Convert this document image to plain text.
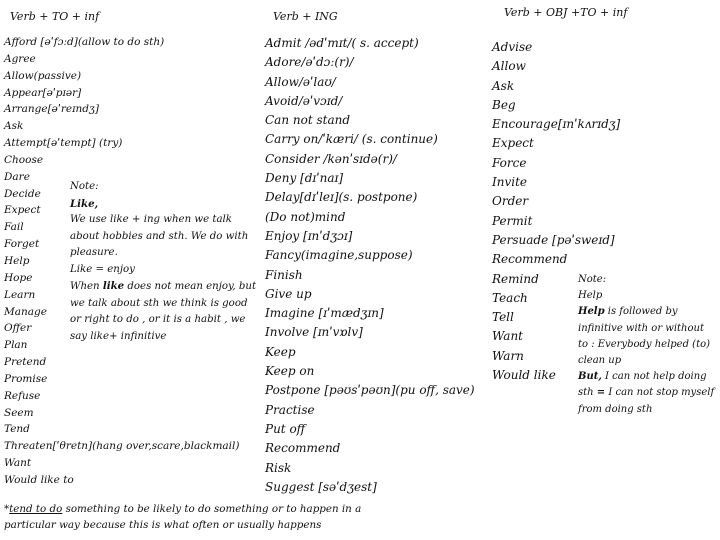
Verb + TO + inf	Verb + ING	Verb + OBJ +TO + inf
Afford [əˈfɔːd](allow to do sth)
Agree
Allow(passive)
Appear[əˈpɪər]
Arrange[əˈreɪndʒ]
Ask
Attempt[əˈtempt] (try)
Choose
Dare
Decide
Expect
Fail
Forget
Help
Hope
Learn
Manage
Offer
Plan
Pretend
Promise
Refuse
Seem
Tend
Threaten[ˈθretn](hang over,scare,blackmail)
Want
Would like to
Admit /ədˈmɪt/( s. accept)
Adore/əˈdɔː(r)/
Allow/əˈlaʊ/
Avoid/əˈvɔɪd/
Can not stand
Carry on/ˈkæri/ (s. continue)
Consider /kənˈsɪdə(r)/
Deny [dɪˈnaɪ]
Delay[dɪˈleɪ](s. postpone)
(Do not)mind
Enjoy [ɪnˈdʒɔɪ]
Fancy(imagine,suppose)
Finish
Give up
Imagine [ɪˈmædʒɪn]
Involve [ɪnˈvɒlv]
Keep
Keep on
Postpone [pəʊsˈpəʊn](pu off, save)
Practise
Put off
Recommend
Risk
Suggest [səˈdʒest]
Advise
Allow
Ask
Beg
Encourage[ɪnˈkʌrɪdʒ]
Expect
Force
Invite
Order
Permit
Persuade [pəˈsweɪd]
Recommend
Remind
Teach
Tell
Want
Warn
Would like
Note:
Like,
We use like + ing when we talk
about hobbies and sth. We do with
pleasure.
Like = enjoy
When like does not mean enjoy, but
we talk about sth we think is good
or right to do , or it is a habit , we
say like+ infinitive
Note:
Help
Help is followed by
infinitive with or without
to : Everybody helped (to)
clean up
But, I can not help doing
sth = I can not stop myself
from doing sth
*tend to do something to be likely to do something or to happen in a
particular way because this is what often or usually happens
